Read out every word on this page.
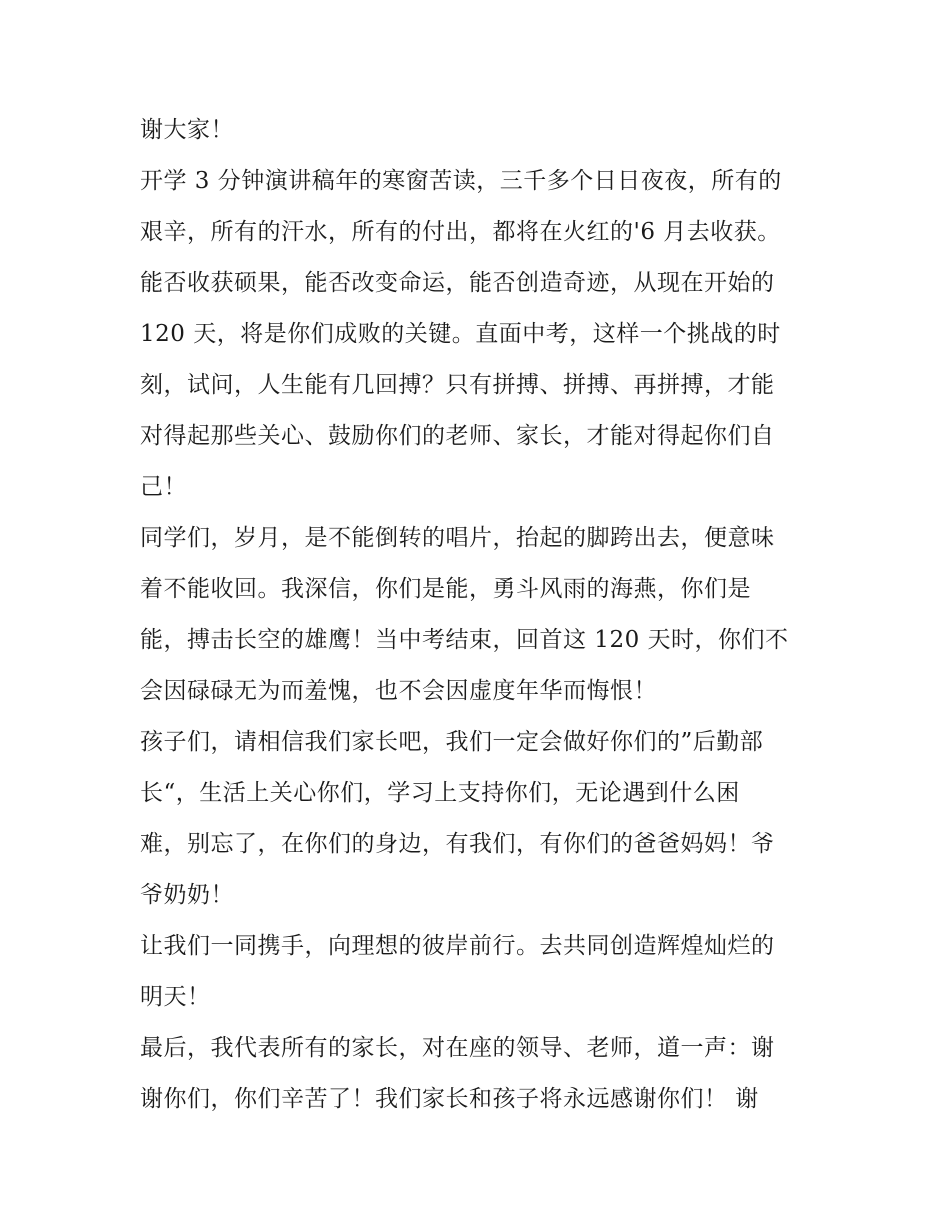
谢大家！
开学 3 分钟演讲稿年的寒窗苦读，三千多个日日夜夜，所有的
艰辛，所有的汗水，所有的付出，都将在火红的'6 月去收获。
能否收获硕果，能否改变命运，能否创造奇迹，从现在开始的
120 天，将是你们成败的关键。直面中考，这样一个挑战的时
刻，试问，人生能有几回搏？只有拼搏、拼搏、再拼搏，才能
对得起那些关心、鼓励你们的老师、家长，才能对得起你们自
己！
同学们，岁月，是不能倒转的唱片，抬起的脚跨出去，便意味
着不能收回。我深信，你们是能，勇斗风雨的海燕，你们是
能，搏击长空的雄鹰！当中考结束，回首这 120 天时，你们不
会因碌碌无为而羞愧，也不会因虚度年华而悔恨！
孩子们，请相信我们家长吧，我们一定会做好你们的”后勤部
长“，生活上关心你们，学习上支持你们，无论遇到什么困
难，别忘了，在你们的身边，有我们，有你们的爸爸妈妈！爷
爷奶奶！
让我们一同携手，向理想的彼岸前行。去共同创造辉煌灿烂的
明天！
最后，我代表所有的家长，对在座的领导、老师，道一声：谢
谢你们，你们辛苦了！我们家长和孩子将永远感谢你们！ 谢
